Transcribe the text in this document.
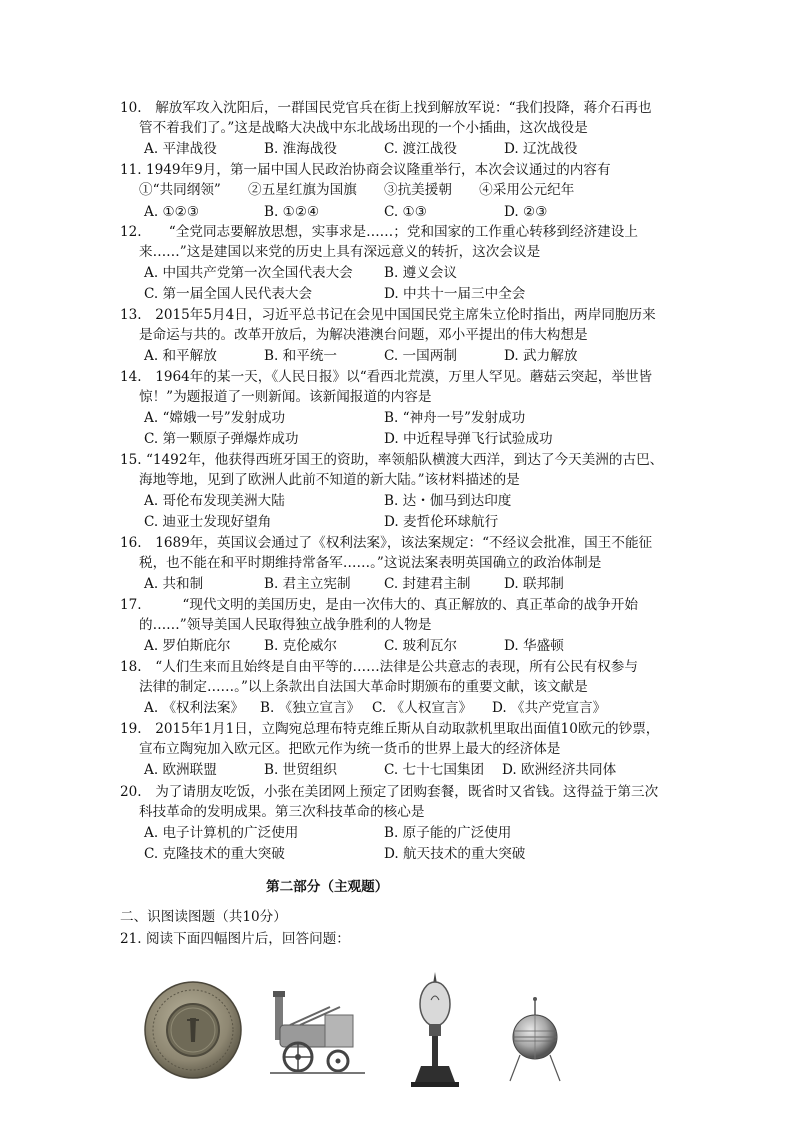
10.　解放军攻入沈阳后，一群国民党官兵在街上找到解放军说：“我们投降，蒋介石再也
管不着我们了。”这是战略大决战中东北战场出现的一个小插曲，这次战役是
A. 平津战役	B. 淮海战役	C. 渡江战役	D. 辽沈战役
11. 1949年9月，第一届中国人民政治协商会议隆重举行，本次会议通过的内容有
①“共同纲领”　　②五星红旗为国旗　　③抗美援朝　　④采用公元纪年
A. ①②③	B. ①②④	C. ①③	D. ②③
12.　　“全党同志要解放思想，实事求是……；党和国家的工作重心转移到经济建设上
来……”这是建国以来党的历史上具有深远意义的转折，这次会议是
A. 中国共产党第一次全国代表大会 B. 遵义会议
C. 第一届全国人民代表大会	D. 中共十一届三中全会
13.　2015年5月4日，习近平总书记在会见中国国民党主席朱立伦时指出，两岸同胞历来
是命运与共的。改革开放后，为解决港澳台问题，邓小平提出的伟大构想是
A. 和平解放	B. 和平统一	C. 一国两制	D. 武力解放
14.　1964年的某一天，《人民日报》以“看西北荒漠，万里人罕见。蘑菇云突起，举世皆
惊！”为题报道了一则新闻。该新闻报道的内容是
A. “嫦娥一号”发射成功	B. “神舟一号”发射成功
C. 第一颗原子弹爆炸成功	D. 中近程导弹飞行试验成功
15. “1492年，他获得西班牙国王的资助，率领船队横渡大西洋，到达了今天美洲的古巴、
海地等地，见到了欧洲人此前不知道的新大陆。”该材料描述的是
A. 哥伦布发现美洲大陆	B. 达・伽马到达印度
C. 迪亚士发现好望角	D. 麦哲伦环球航行
16.　1689年，英国议会通过了《权利法案》，该法案规定：“不经议会批准，国王不能征
税，也不能在和平时期维持常备军……。”这说法案表明英国确立的政治体制是
A. 共和制	B. 君主立宪制 C. 封建君主制 D. 联邦制
17.　　　“现代文明的美国历史，是由一次伟大的、真正解放的、真正革命的战争开始
的……”领导美国人民取得独立战争胜利的人物是
A. 罗伯斯庇尔 B. 克伦威尔	C. 玻利瓦尔	D. 华盛顿
18.　“人们生来而且始终是自由平等的……法律是公共意志的表现，所有公民有权参与
法律的制定……。”以上条款出自法国大革命时期颁布的重要文献，该文献是
A. 《权利法案》 B. 《独立宣言》 C. 《人权宣言》 D. 《共产党宣言》
19.　2015年1月1日，立陶宛总理布特克维丘斯从自动取款机里取出面值10欧元的钞票，
宣布立陶宛加入欧元区。把欧元作为统一货币的世界上最大的经济体是
A. 欧洲联盟	B. 世贸组织	C. 七十七国集团 D. 欧洲经济共同体
20.　为了请朋友吃饭，小张在美团网上预定了团购套餐，既省时又省钱。这得益于第三次
科技革命的发明成果。第三次科技革命的核心是
A. 电子计算机的广泛使用	B. 原子能的广泛使用
C. 克隆技术的重大突破	D. 航天技术的重大突破
第二部分（主观题）
二、识图读图题（共10分）
21. 阅读下面四幅图片后，回答问题：
